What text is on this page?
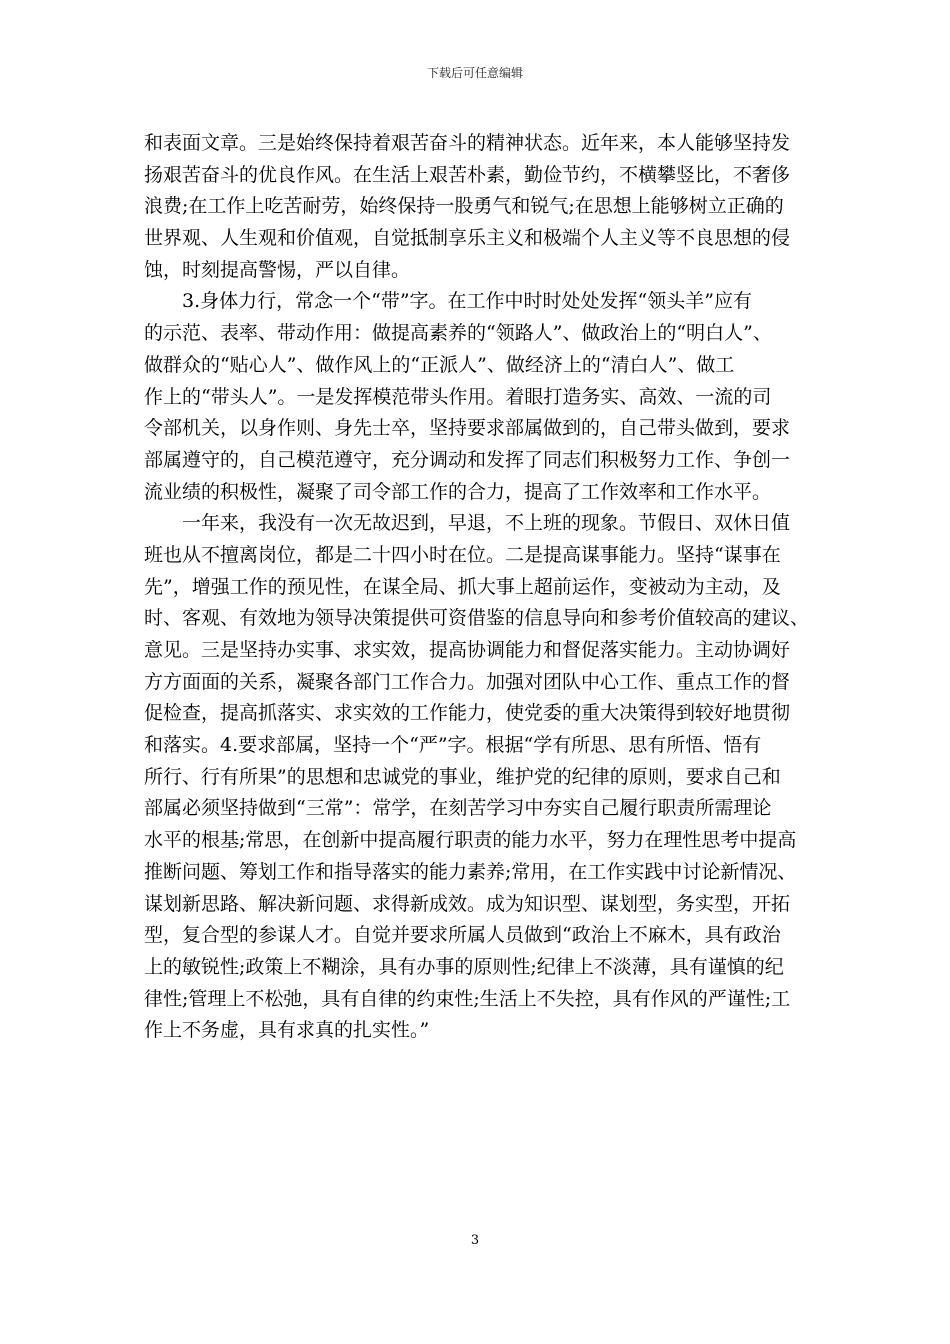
下载后可任意编辑
和表面文章。三是始终保持着艰苦奋斗的精神状态。近年来，本人能够坚持发
扬艰苦奋斗的优良作风。在生活上艰苦朴素，勤俭节约，不横攀竖比，不奢侈
浪费;在工作上吃苦耐劳，始终保持一股勇气和锐气;在思想上能够树立正确的
世界观、人生观和价值观，自觉抵制享乐主义和极端个人主义等不良思想的侵
蚀，时刻提高警惕，严以自律。
3.身体力行，常念一个“带”字。在工作中时时处处发挥“领头羊”应有
的示范、表率、带动作用：做提高素养的“领路人”、做政治上的“明白人”、
做群众的“贴心人”、做作风上的“正派人”、做经济上的“清白人”、做工
作上的“带头人”。一是发挥模范带头作用。着眼打造务实、高效、一流的司
令部机关，以身作则、身先士卒，坚持要求部属做到的，自己带头做到，要求
部属遵守的，自己模范遵守，充分调动和发挥了同志们积极努力工作、争创一
流业绩的积极性，凝聚了司令部工作的合力，提高了工作效率和工作水平。
一年来，我没有一次无故迟到，早退，不上班的现象。节假日、双休日值
班也从不擅离岗位，都是二十四小时在位。二是提高谋事能力。坚持“谋事在
先”，增强工作的预见性，在谋全局、抓大事上超前运作，变被动为主动，及
时、客观、有效地为领导决策提供可资借鉴的信息导向和参考价值较高的建议、
意见。三是坚持办实事、求实效，提高协调能力和督促落实能力。主动协调好
方方面面的关系，凝聚各部门工作合力。加强对团队中心工作、重点工作的督
促检查，提高抓落实、求实效的工作能力，使党委的重大决策得到较好地贯彻
和落实。4.要求部属，坚持一个“严”字。根据“学有所思、思有所悟、悟有
所行、行有所果”的思想和忠诚党的事业，维护党的纪律的原则，要求自己和
部属必须坚持做到“三常”：常学，在刻苦学习中夯实自己履行职责所需理论
水平的根基;常思，在创新中提高履行职责的能力水平，努力在理性思考中提高
推断问题、筹划工作和指导落实的能力素养;常用，在工作实践中讨论新情况、
谋划新思路、解决新问题、求得新成效。成为知识型、谋划型，务实型，开拓
型，复合型的参谋人才。自觉并要求所属人员做到“政治上不麻木，具有政治
上的敏锐性;政策上不糊涂，具有办事的原则性;纪律上不淡薄，具有谨慎的纪
律性;管理上不松弛，具有自律的约束性;生活上不失控，具有作风的严谨性;工
作上不务虚，具有求真的扎实性。”
3
